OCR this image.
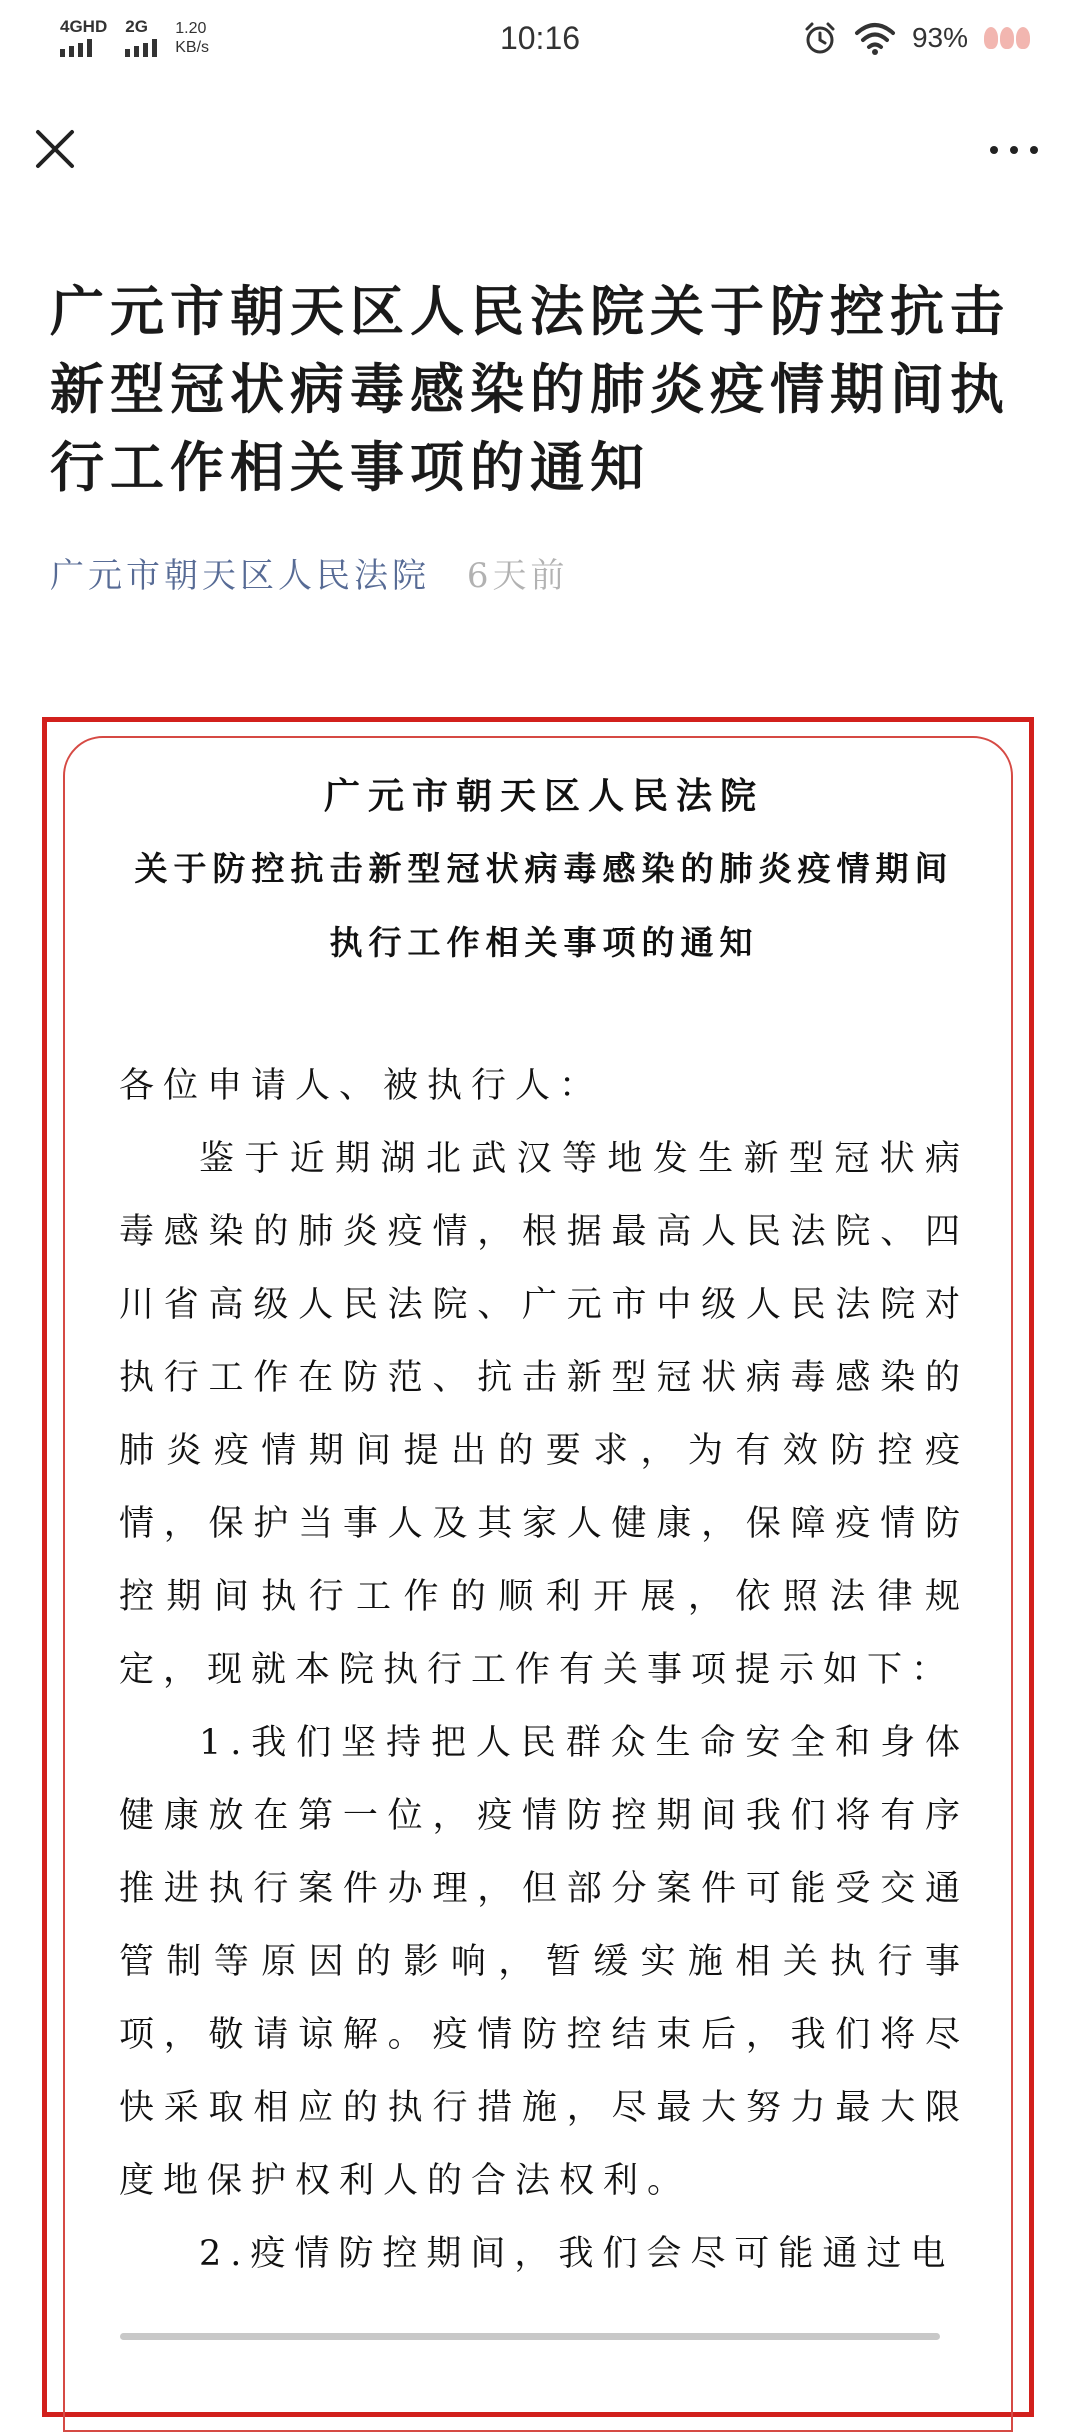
4GHD 2G 1.20
KB/s	10:16	93%
广元市朝天区人民法院关于防控抗击新型冠状病毒感染的肺炎疫情期间执行工作相关事项的通知
广元市朝天区人民法院 6天前
广元市朝天区人民法院
关于防控抗击新型冠状病毒感染的肺炎疫情期间执行工作相关事项的通知

各位申请人、被执行人：

鉴于近期湖北武汉等地发生新型冠状病毒感染的肺炎疫情，根据最高人民法院、四川省高级人民法院、广元市中级人民法院对执行工作在防范、抗击新型冠状病毒感染的肺炎疫情期间提出的要求，为有效防控疫情，保护当事人及其家人健康，保障疫情防控期间执行工作的顺利开展，依照法律规定，现就本院执行工作有关事项提示如下：

1.我们坚持把人民群众生命安全和身体健康放在第一位，疫情防控期间我们将有序推进执行案件办理，但部分案件可能受交通管制等原因的影响，暂缓实施相关执行事项，敬请谅解。疫情防控结束后，我们将尽快采取相应的执行措施，尽最大努力最大限度地保护权利人的合法权利。

2.疫情防控期间，我们会尽可能通过电
